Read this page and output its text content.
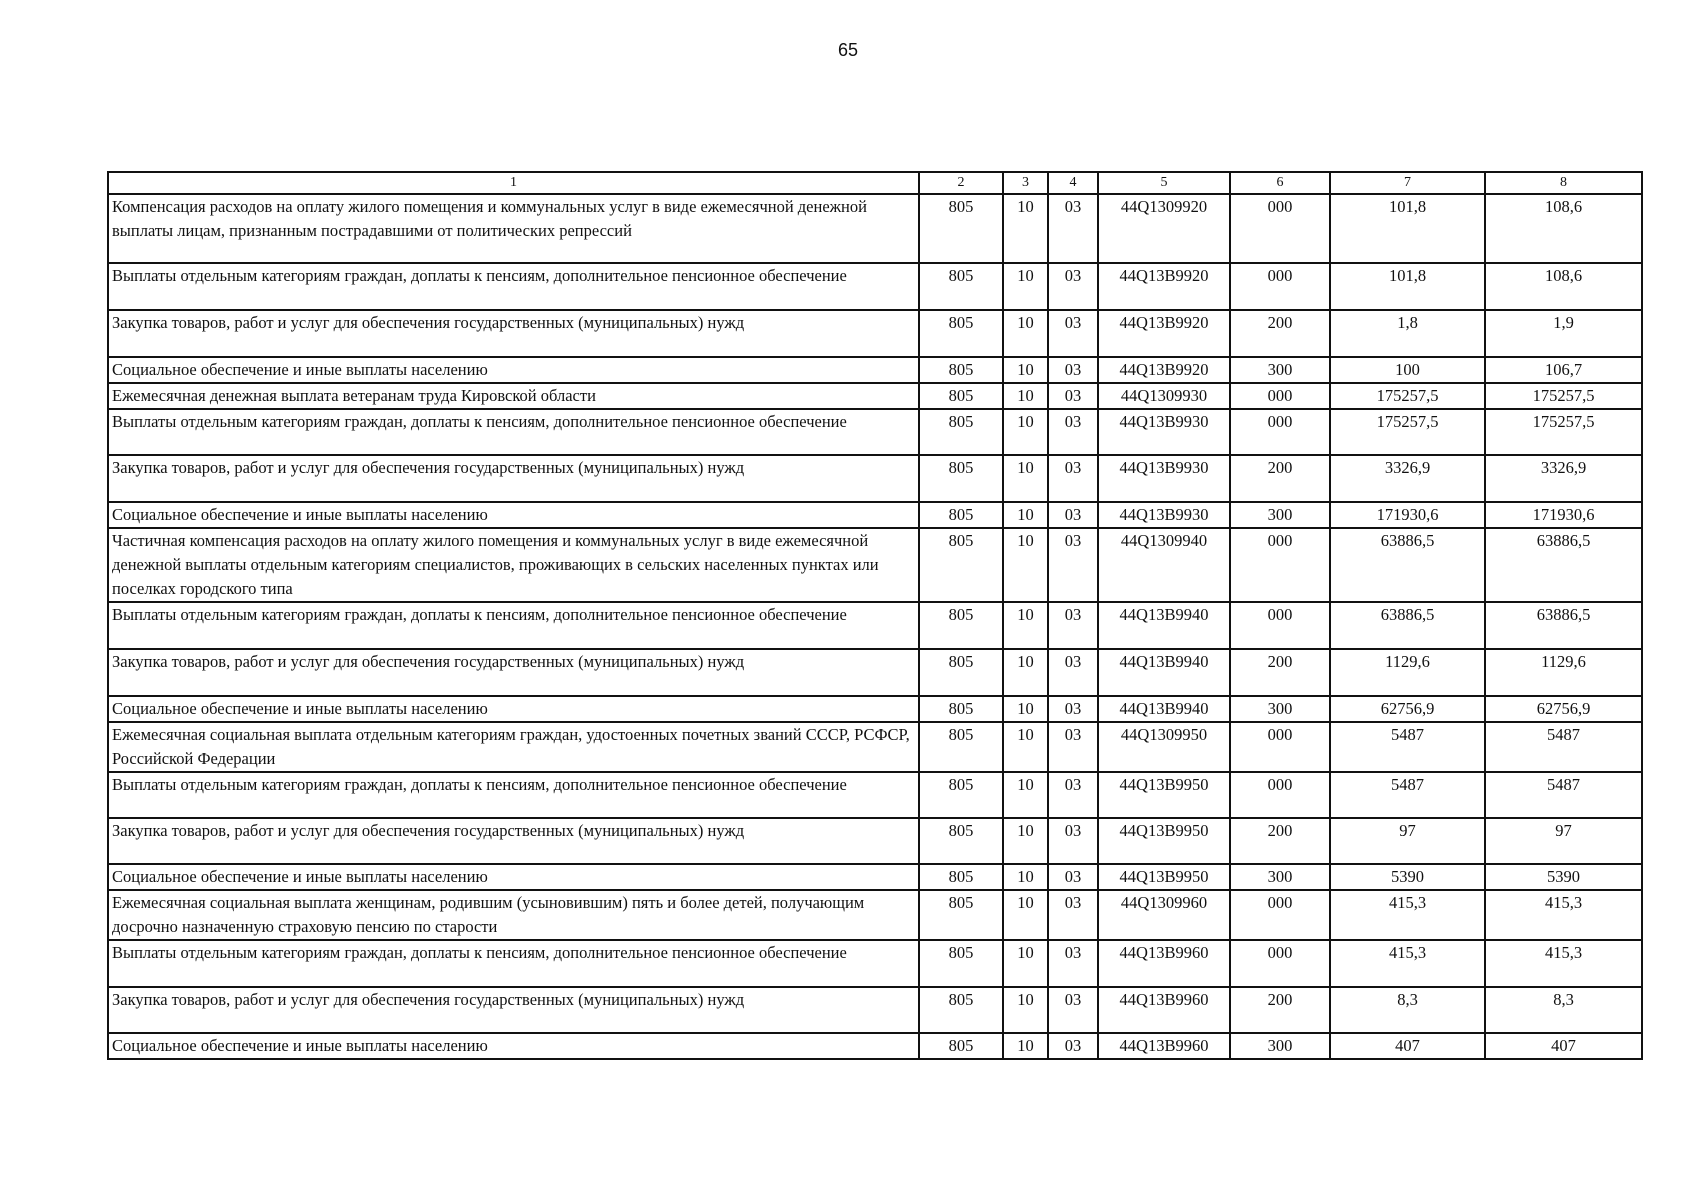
65
1	2	3	4	5	6	7	8
Компенсация расходов на оплату жилого помещения и коммунальных услуг в виде ежемесячной денежной выплаты лицам, признанным пострадавшими от политических репрессий	805	10	03	44Q1309920	000	101,8	108,6
Выплаты отдельным категориям граждан, доплаты к пенсиям, дополнительное пенсионное обеспечение	805	10	03	44Q13B9920	000	101,8	108,6
Закупка товаров, работ и услуг для обеспечения государственных (муниципальных) нужд	805	10	03	44Q13B9920	200	1,8	1,9
Социальное обеспечение и иные выплаты населению	805	10	03	44Q13B9920	300	100	106,7
Ежемесячная денежная выплата ветеранам труда Кировской области	805	10	03	44Q1309930	000	175257,5	175257,5
Выплаты отдельным категориям граждан, доплаты к пенсиям, дополнительное пенсионное обеспечение	805	10	03	44Q13B9930	000	175257,5	175257,5
Закупка товаров, работ и услуг для обеспечения государственных (муниципальных) нужд	805	10	03	44Q13B9930	200	3326,9	3326,9
Социальное обеспечение и иные выплаты населению	805	10	03	44Q13B9930	300	171930,6	171930,6
Частичная компенсация расходов на оплату жилого помещения и коммунальных услуг в виде ежемесячной денежной выплаты отдельным категориям специалистов, проживающих в сельских населенных пунктах или поселках городского типа	805	10	03	44Q1309940	000	63886,5	63886,5
Выплаты отдельным категориям граждан, доплаты к пенсиям, дополнительное пенсионное обеспечение	805	10	03	44Q13B9940	000	63886,5	63886,5
Закупка товаров, работ и услуг для обеспечения государственных (муниципальных) нужд	805	10	03	44Q13B9940	200	1129,6	1129,6
Социальное обеспечение и иные выплаты населению	805	10	03	44Q13B9940	300	62756,9	62756,9
Ежемесячная социальная выплата отдельным категориям граждан, удостоенных почетных званий СССР, РСФСР, Российской Федерации	805	10	03	44Q1309950	000	5487	5487
Выплаты отдельным категориям граждан, доплаты к пенсиям, дополнительное пенсионное обеспечение	805	10	03	44Q13B9950	000	5487	5487
Закупка товаров, работ и услуг для обеспечения государственных (муниципальных) нужд	805	10	03	44Q13B9950	200	97	97
Социальное обеспечение и иные выплаты населению	805	10	03	44Q13B9950	300	5390	5390
Ежемесячная социальная выплата женщинам, родившим (усыновившим) пять и более детей, получающим досрочно назначенную страховую пенсию по старости	805	10	03	44Q1309960	000	415,3	415,3
Выплаты отдельным категориям граждан, доплаты к пенсиям, дополнительное пенсионное обеспечение	805	10	03	44Q13B9960	000	415,3	415,3
Закупка товаров, работ и услуг для обеспечения государственных (муниципальных) нужд	805	10	03	44Q13B9960	200	8,3	8,3
Социальное обеспечение и иные выплаты населению	805	10	03	44Q13B9960	300	407	407
